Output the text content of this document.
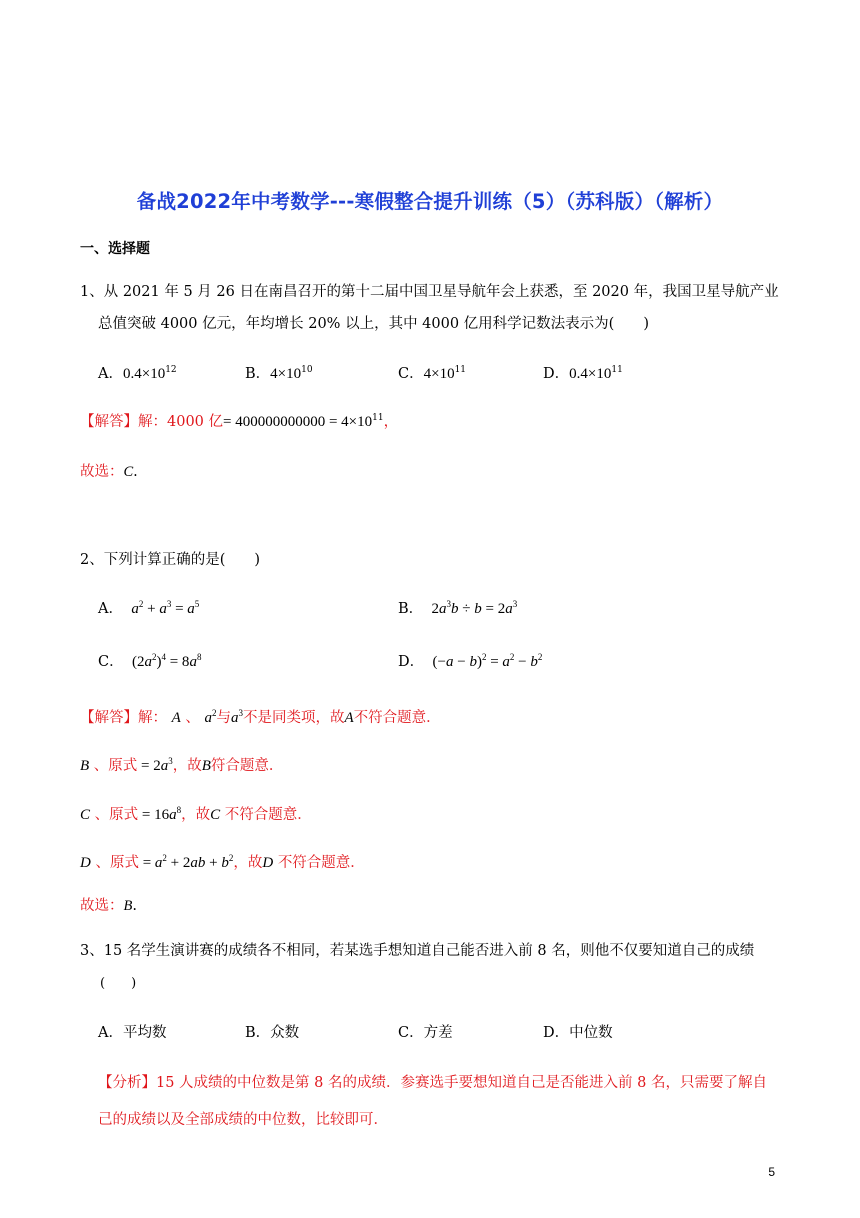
备战2022年中考数学---寒假整合提升训练（5）（苏科版）（解析）
一、选择题
1、从 2021 年 5 月 26 日在南昌召开的第十二届中国卫星导航年会上获悉，至 2020 年，我国卫星导航产业
总值突破 4000 亿元，年均增长 20% 以上，其中 4000 亿用科学记数法表示为(　　)
A．$0.4\times 10^{12}$	B．$4\times 10^{10}$	C．$4\times 10^{11}$	D．$0.4\times 10^{11}$
【解答】解：4000 亿= $400000000000 = 4\times 10^{11}$，
故选：C.
2、下列计算正确的是(　　)
A． $a^2 + a^3 = a^5$	B．  $2a^3b \div b = 2a^3$
C．  $(2a^2)^4 = 8a^8$	D．  $(-a - b)^2 = a^2 - b^2$
【解答】解： A 、 $a^2$与$a^3$不是同类项，故A不符合题意．
B 、原式 = $2a^3$，故B符合题意．
C 、原式 = $16a^8$，故C 不符合题意．
D 、原式 = $a^2 + 2ab + b^2$，故D 不符合题意．
故选：B.
3、15 名学生演讲赛的成绩各不相同，若某选手想知道自己能否进入前 8 名，则他不仅要知道自己的成绩
(　　)
A．平均数	B．众数	C．方差	D．中位数
【分析】15 人成绩的中位数是第 8 名的成绩．参赛选手要想知道自己是否能进入前 8 名，只需要了解自
己的成绩以及全部成绩的中位数，比较即可．
5
